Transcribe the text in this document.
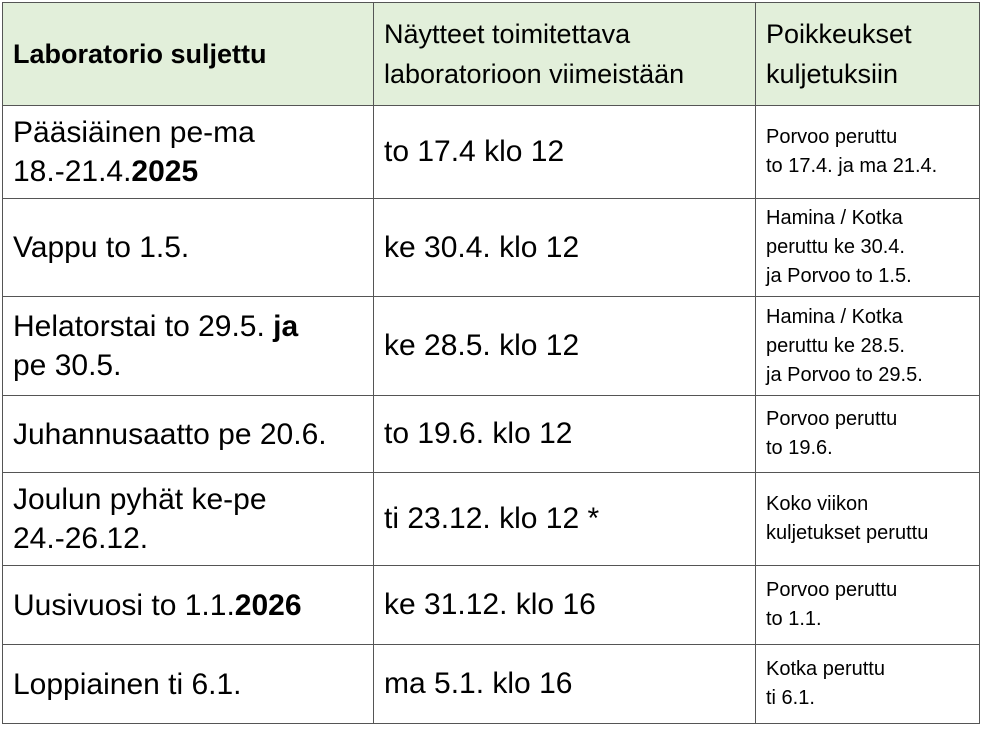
Laboratorio suljettu	Näytteet toimitettava
laboratorioon viimeistään	Poikkeukset
kuljetuksiin

Pääsiäinen pe-ma
18.-21.4.2025	to 17.4 klo 12	Porvoo peruttu
to 17.4. ja ma 21.4.

Vappu to 1.5.	ke 30.4. klo 12	Hamina / Kotka
peruttu ke 30.4.
ja Porvoo to 1.5.

Helatorstai to 29.5. ja
pe 30.5.	ke 28.5. klo 12	Hamina / Kotka
peruttu ke 28.5.
ja Porvoo to 29.5.

Juhannusaatto pe 20.6.	to 19.6. klo 12	Porvoo peruttu
to 19.6.

Joulun pyhät ke-pe
24.-26.12.	ti 23.12. klo 12 *	Koko viikon
kuljetukset peruttu

Uusivuosi to 1.1.2026	ke 31.12. klo 16	Porvoo peruttu
to 1.1.

Loppiainen ti 6.1.	ma 5.1. klo 16	Kotka peruttu
ti 6.1.
